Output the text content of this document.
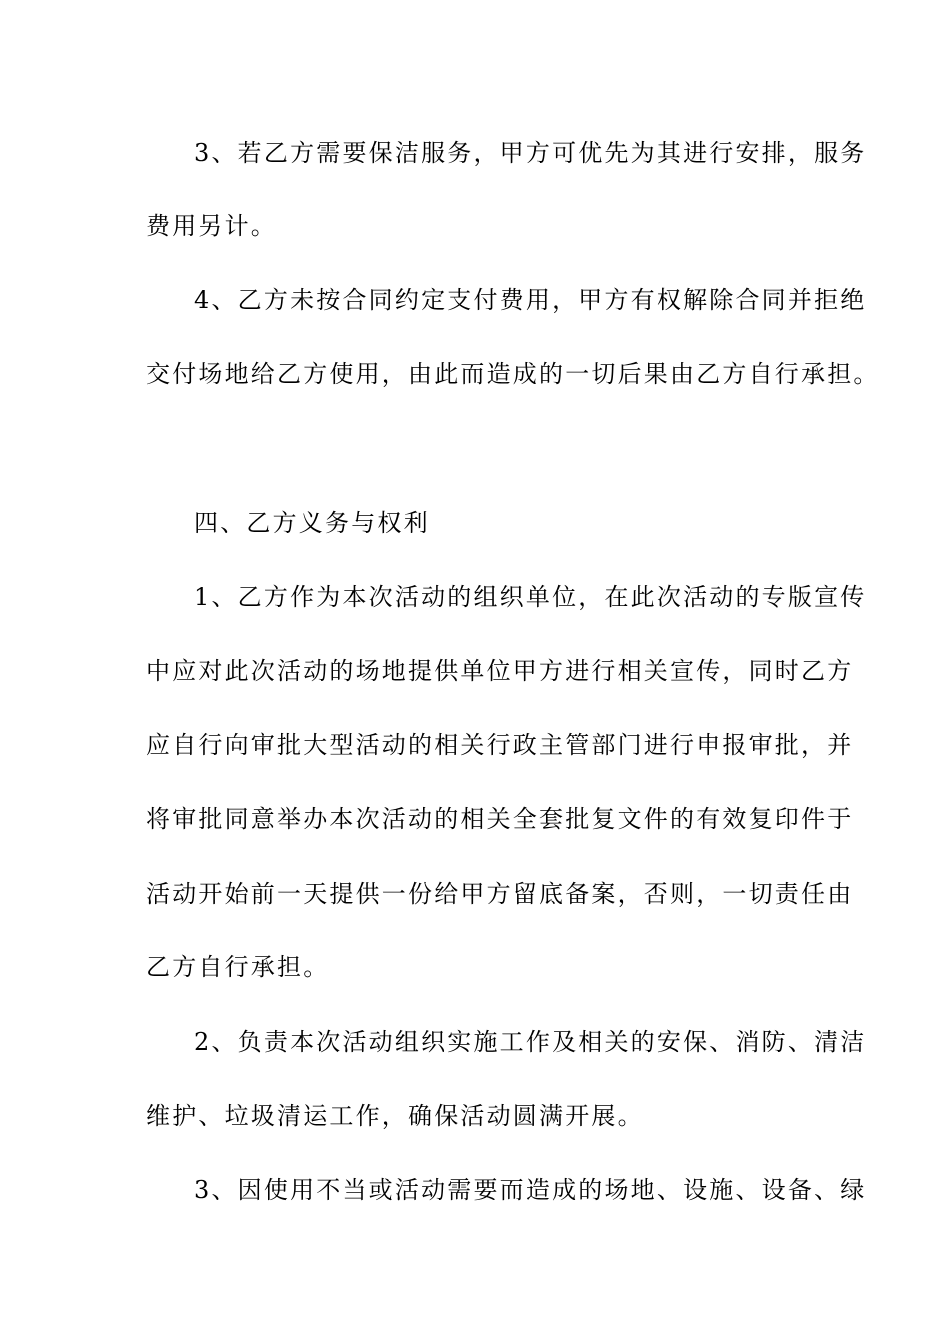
3、若乙方需要保洁服务，甲方可优先为其进行安排，服务
费用另计。
4、乙方未按合同约定支付费用，甲方有权解除合同并拒绝
交付场地给乙方使用，由此而造成的一切后果由乙方自行承担。
四、乙方义务与权利
1、乙方作为本次活动的组织单位，在此次活动的专版宣传
中应对此次活动的场地提供单位甲方进行相关宣传，同时乙方
应自行向审批大型活动的相关行政主管部门进行申报审批，并
将审批同意举办本次活动的相关全套批复文件的有效复印件于
活动开始前一天提供一份给甲方留底备案，否则，一切责任由
乙方自行承担。
2、负责本次活动组织实施工作及相关的安保、消防、清洁
维护、垃圾清运工作，确保活动圆满开展。
3、因使用不当或活动需要而造成的场地、设施、设备、绿
